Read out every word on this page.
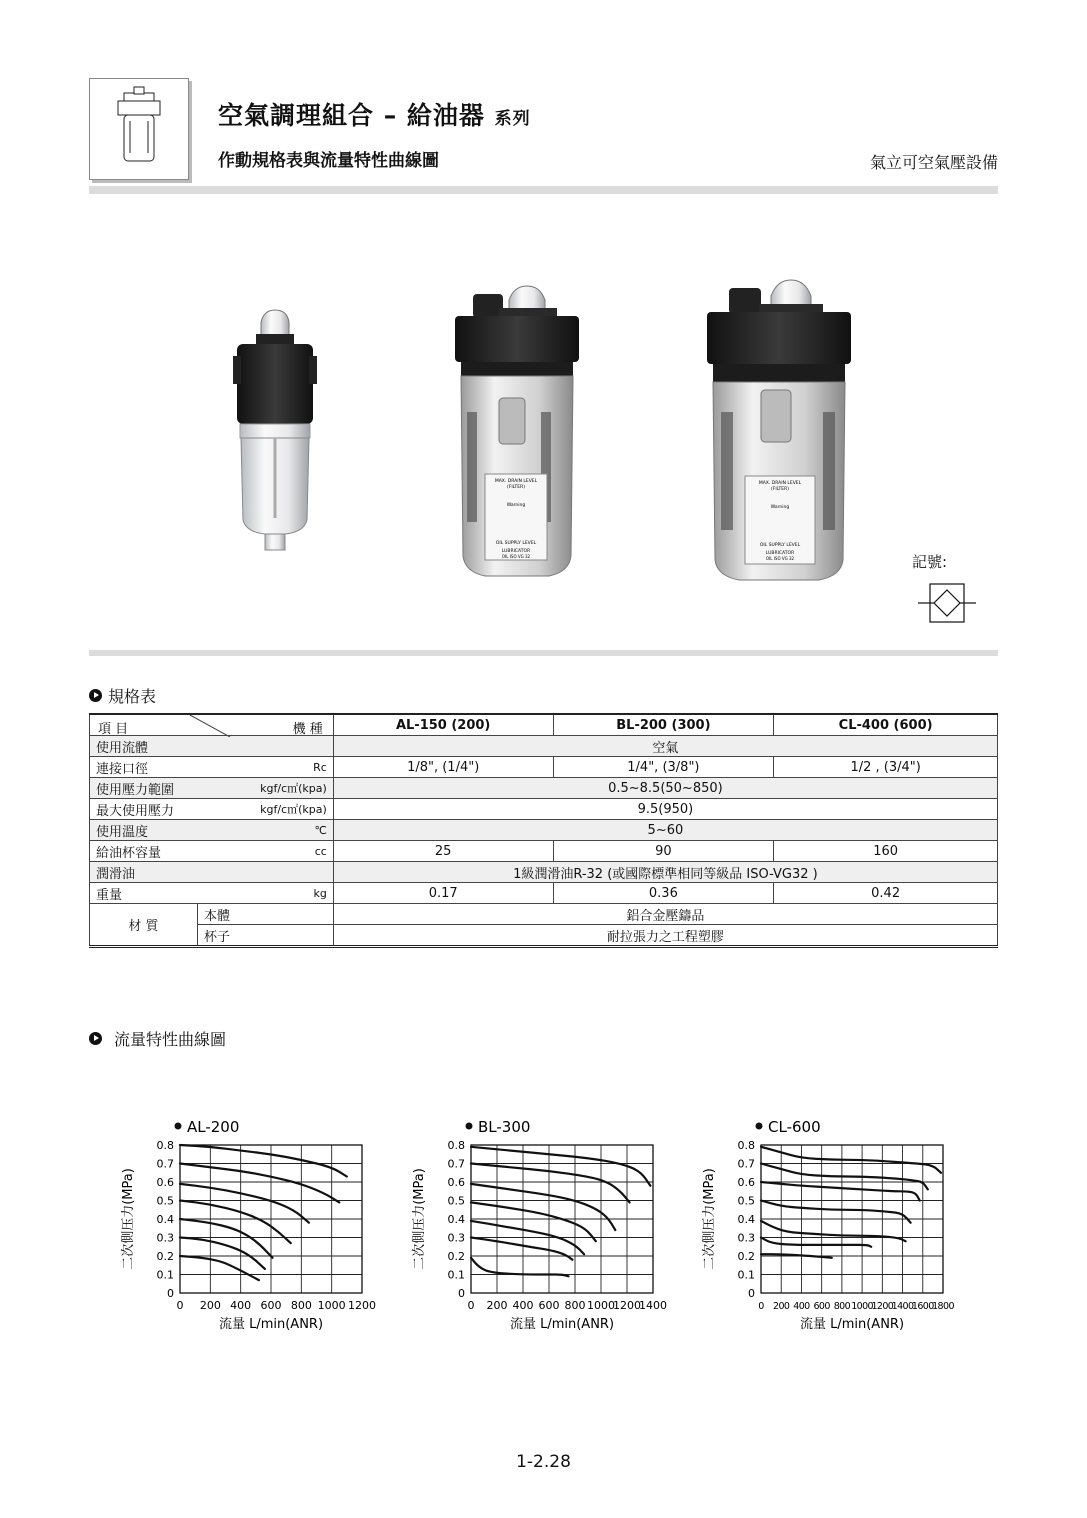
空氣調理組合 – 給油器 系列
作動規格表與流量特性曲線圖	氣立可空氣壓設備
MAX. DRAIN LEVEL
(FILTER)
Warning
OIL SUPPLY LEVEL
LUBRICATOR
OIL ISO VG 32
MAX. DRAIN LEVEL
(FILTER)
Warning
OIL SUPPLY LEVEL
LUBRICATOR
OIL ISO VG 32	記號:
規格表
項 目 機 種		AL-150 (200)	BL-200 (300)	CL-400 (600)
使用流體		空氣		
連接口徑	Rc	1/8", (1/4")	1/4", (3/8")	1/2 , (3/4")
使用壓力範圍	kgf/c㎡(kpa)	0.5~8.5(50~850)		
最大使用壓力	kgf/c㎡(kpa)	9.5(950)		
使用溫度	℃	5~60		
給油杯容量	cc	25	90	160
潤滑油		1級潤滑油R-32 (或國際標準相同等級品 ISO-VG32 )		
重量	kg	0.17	0.36	0.42
材 質	本體	鋁合金壓鑄品		
	杯子	耐拉張力之工程塑膠		
流量特性曲線圖
AL-200
0 200 400 600 800 1000 1200
0
0.1
0.2
0.3
0.4
0.5
0.6
0.7
0.8
流量 L/min(ANR)
二次側压力(MPa)
BL-300
0 200 400 600 800 1000
1200
1400
0
0.1
0.2
0.3
0.4
0.5
0.6
0.7
0.8
流量 L/min(ANR)
二次側压力(MPa)
CL-600
0 200 400 600 800 1000
1200
1400
1600
1800
0
0.1
0.2
0.3
0.4
0.5
0.6
0.7
0.8
流量 L/min(ANR)
二次側压力(MPa)
1-2.28
